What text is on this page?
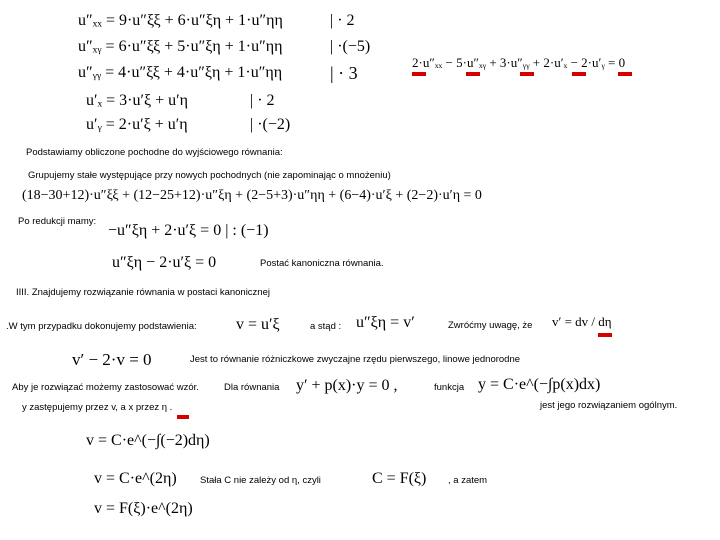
u″ₓₓ = 9·u″ξξ + 6·u″ξη + 1·u″ηη	| · 2
u″ₓᵧ = 6·u″ξξ + 5·u″ξη + 1·u″ηη	| ·(−5)
u″ᵧᵧ = 4·u″ξξ + 4·u″ξη + 1·u″ηη	| · 3
u′ₓ = 3·u′ξ + u′η	| · 2
u′ᵧ = 2·u′ξ + u′η	| ·(−2)
2·u″ₓₓ − 5·u″ₓᵧ + 3·u″ᵧᵧ + 2·u′ₓ − 2·u′ᵧ = 0
Podstawiamy obliczone pochodne do wyjściowego równania:
Grupujemy stałe występujące przy nowych pochodnych (nie zapominając o mnożeniu)
(18−30+12)·u″ξξ + (12−25+12)·u″ξη + (2−5+3)·u″ηη + (6−4)·u′ξ + (2−2)·u′η = 0
Po redukcji mamy:
−u″ξη + 2·u′ξ = 0 | : (−1)
u″ξη − 2·u′ξ = 0	Postać kanoniczna równania.
IIII. Znajdujemy rozwiązanie równania w postaci kanonicznej
.W tym przypadku dokonujemy podstawienia: v = u′ξ	a stąd : u″ξη = v′	Zwróćmy uwagę, że v′ = dv / dη
v′ − 2·v = 0	Jest to równanie różniczkowe zwyczajne rzędu pierwszego, linowe jednorodne
Aby je rozwiązać możemy zastosować wzór.	Dla równania y′ + p(x)·y = 0 ,	funkcja y = C·e^(−∫p(x)dx)
jest jego rozwiązaniem ogólnym.
y zastępujemy przez v, a x przez η .
v = C·e^(−∫(−2)dη)
v = C·e^(2η) Stała C nie zależy od η, czyli	C = F(ξ) , a zatem
v = F(ξ)·e^(2η)
